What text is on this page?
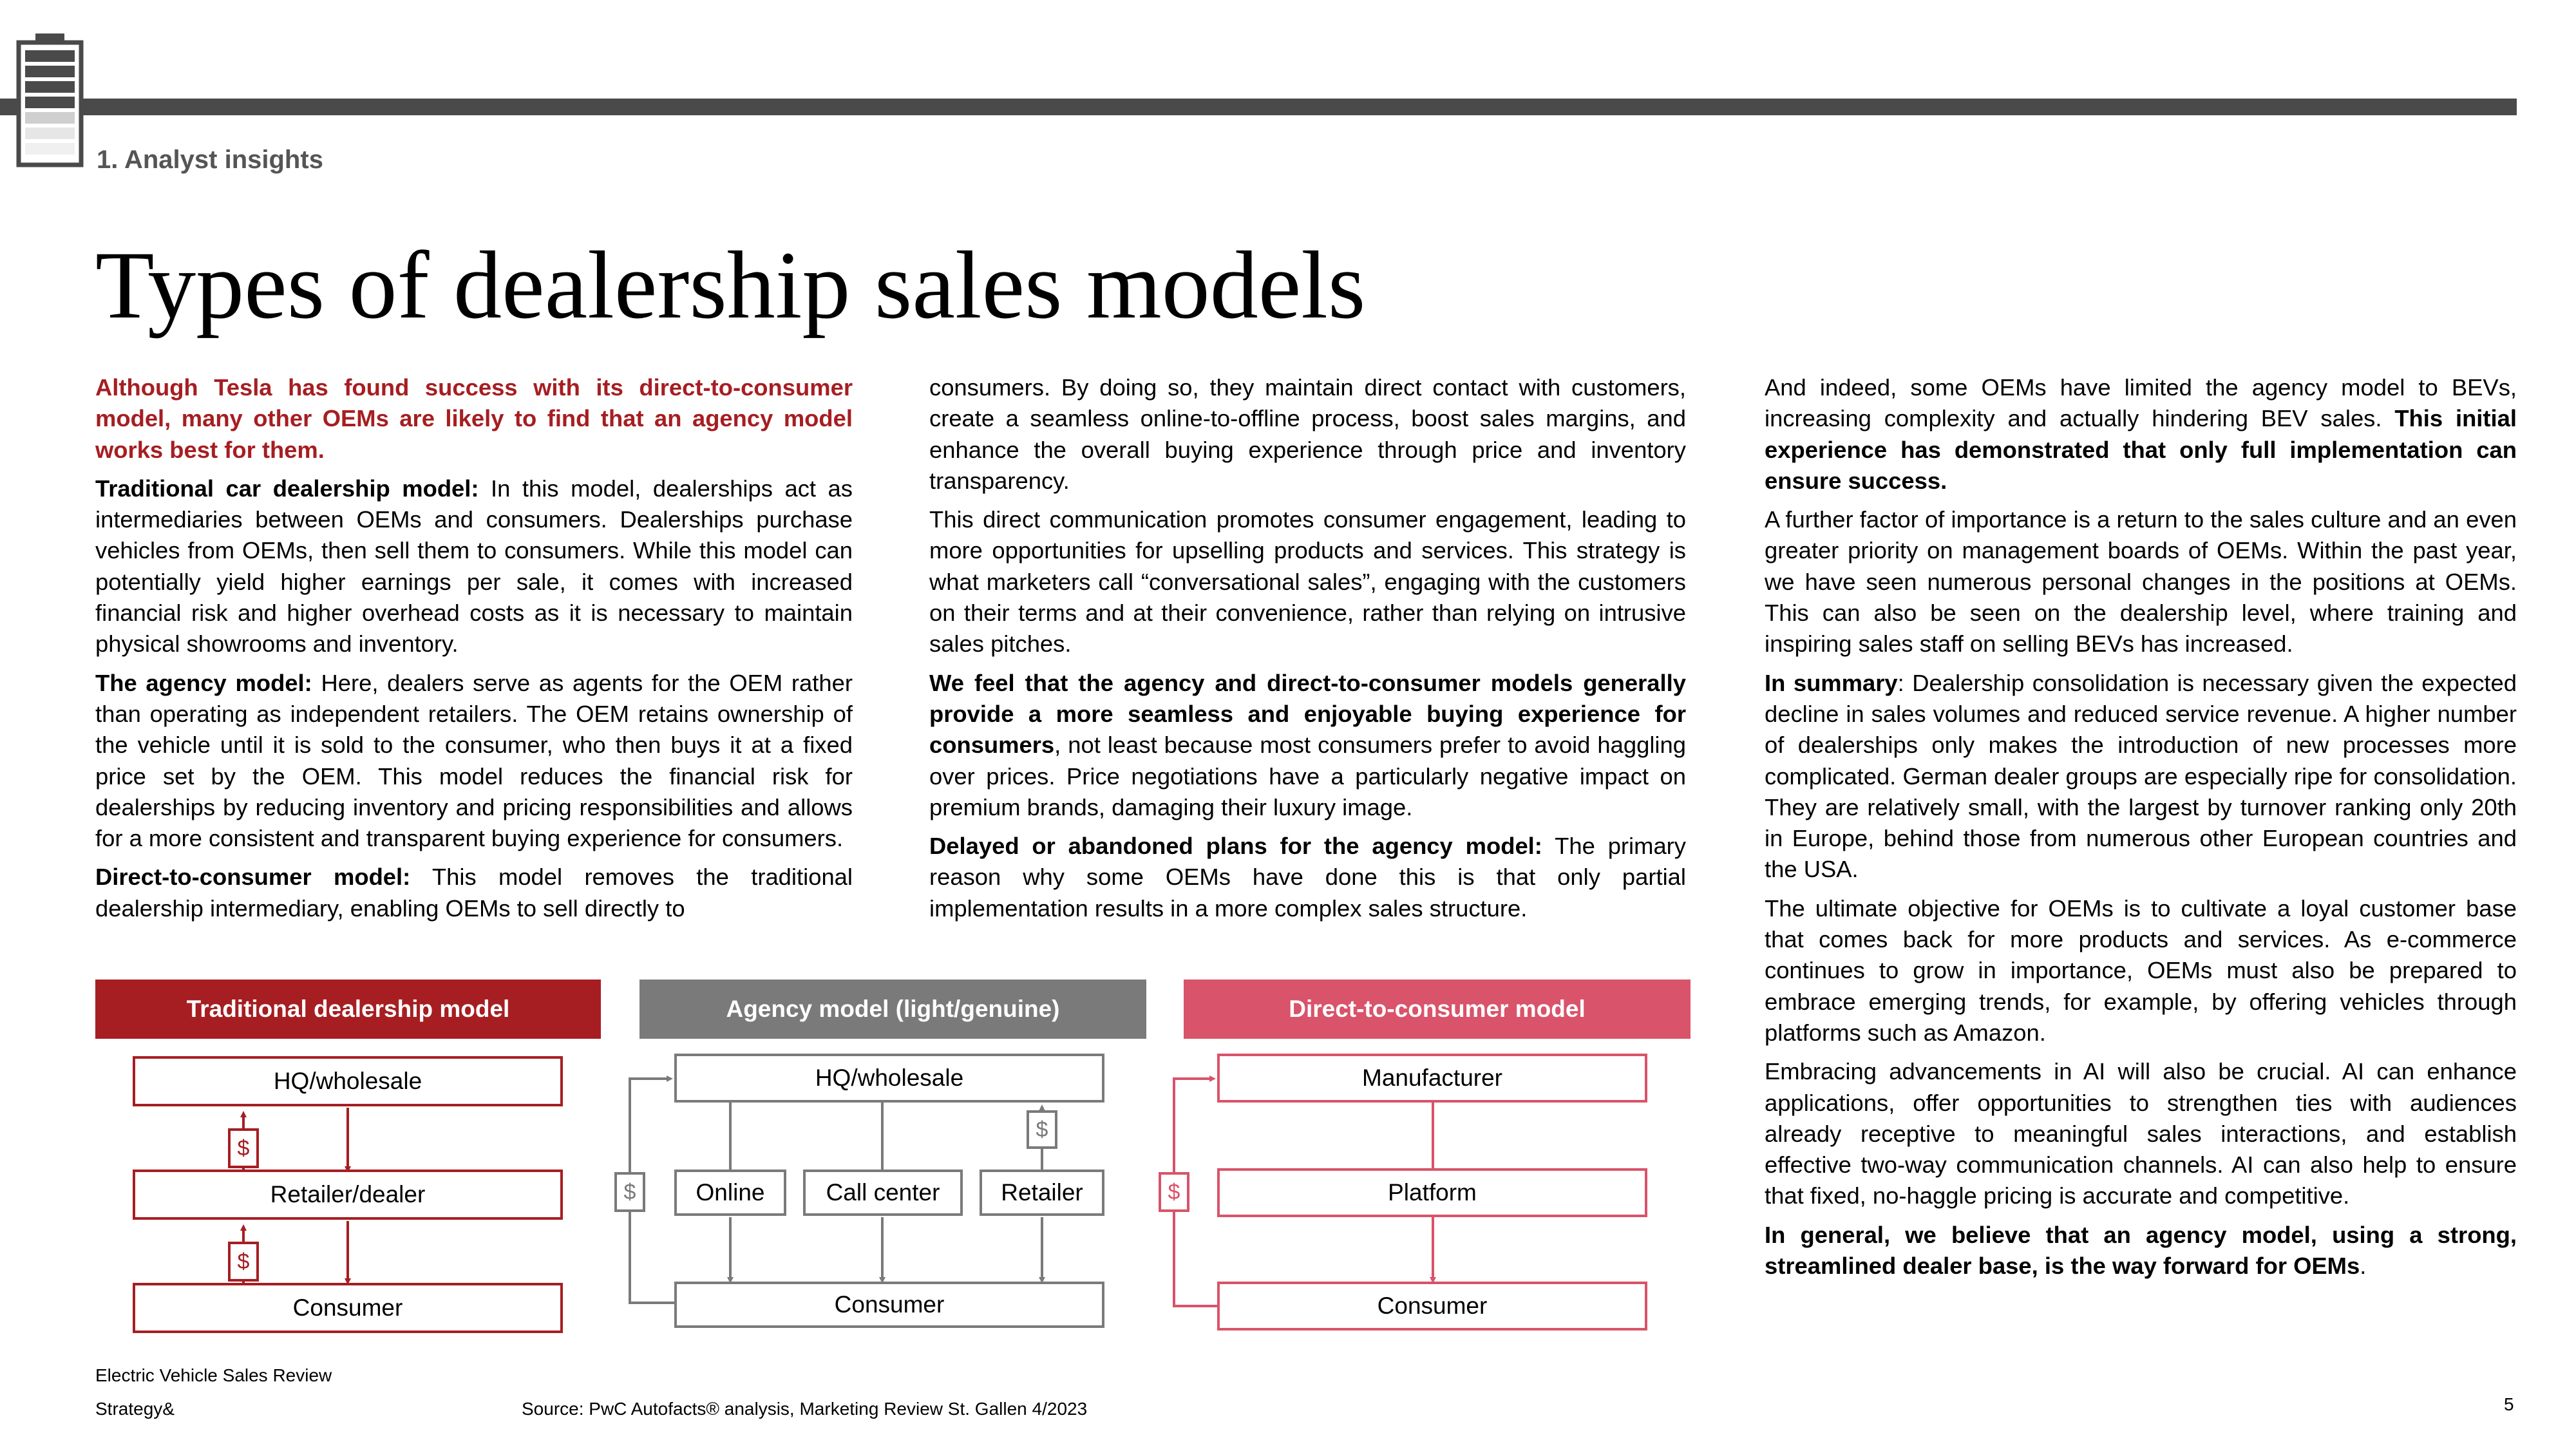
1. Analyst insights
Types of dealership sales models

Although Tesla has found success with its direct-to-consumer model, many other OEMs are likely to find that an agency model works best for them.

Traditional car dealership model: In this model, dealerships act as intermediaries between OEMs and consumers. Dealerships purchase vehicles from OEMs, then sell them to consumers. While this model can potentially yield higher earnings per sale, it comes with increased financial risk and higher overhead costs as it is necessary to maintain physical showrooms and inventory.

The agency model: Here, dealers serve as agents for the OEM rather than operating as independent retailers. The OEM retains ownership of the vehicle until it is sold to the consumer, who then buys it at a fixed price set by the OEM. This model reduces the financial risk for dealerships by reducing inventory and pricing responsibilities and allows for a more consistent and transparent buying experience for consumers.

Direct-to-consumer model: This model removes the traditional dealership intermediary, enabling OEMs to sell directly to

consumers. By doing so, they maintain direct contact with customers, create a seamless online-to-offline process, boost sales margins, and enhance the overall buying experience through price and inventory transparency.

This direct communication promotes consumer engagement, leading to more opportunities for upselling products and services. This strategy is what marketers call “conversational sales”, engaging with the customers on their terms and at their convenience, rather than relying on intrusive sales pitches.

We feel that the agency and direct-to-consumer models generally provide a more seamless and enjoyable buying experience for consumers, not least because most consumers prefer to avoid haggling over prices. Price negotiations have a particularly negative impact on premium brands, damaging their luxury image.

Delayed or abandoned plans for the agency model: The primary reason why some OEMs have done this is that only partial implementation results in a more complex sales structure.

And indeed, some OEMs have limited the agency model to BEVs, increasing complexity and actually hindering BEV sales. This initial experience has demonstrated that only full implementation can ensure success.

A further factor of importance is a return to the sales culture and an even greater priority on management boards of OEMs. Within the past year, we have seen numerous personal changes in the positions at OEMs. This can also be seen on the dealership level, where training and inspiring sales staff on selling BEVs has increased.

In summary: Dealership consolidation is necessary given the expected decline in sales volumes and reduced service revenue. A higher number of dealerships only makes the introduction of new processes more complicated. German dealer groups are especially ripe for consolidation. They are relatively small, with the largest by turnover ranking only 20th in Europe, behind those from numerous other European countries and the USA.

The ultimate objective for OEMs is to cultivate a loyal customer base that comes back for more products and services. As e-commerce continues to grow in importance, OEMs must also be prepared to embrace emerging trends, for example, by offering vehicles through platforms such as Amazon.

Embracing advancements in AI will also be crucial. AI can enhance applications, offer opportunities to strengthen ties with audiences already receptive to meaningful sales interactions, and establish effective two-way communication channels. AI can also help to ensure that fixed, no-haggle pricing is accurate and competitive.

In general, we believe that an agency model, using a strong, streamlined dealer base, is the way forward for OEMs.

Traditional dealership model	Agency model (light/genuine)	Direct-to-consumer model
HQ/wholesale
$
Retailer/dealer
$
Consumer
HQ/wholesale
$
$	Online	Call center	Retailer
Consumer
Manufacturer
$	Platform
Consumer
Electric Vehicle Sales Review
Strategy&	Source: PwC Autofacts® analysis, Marketing Review St. Gallen 4/2023	5
